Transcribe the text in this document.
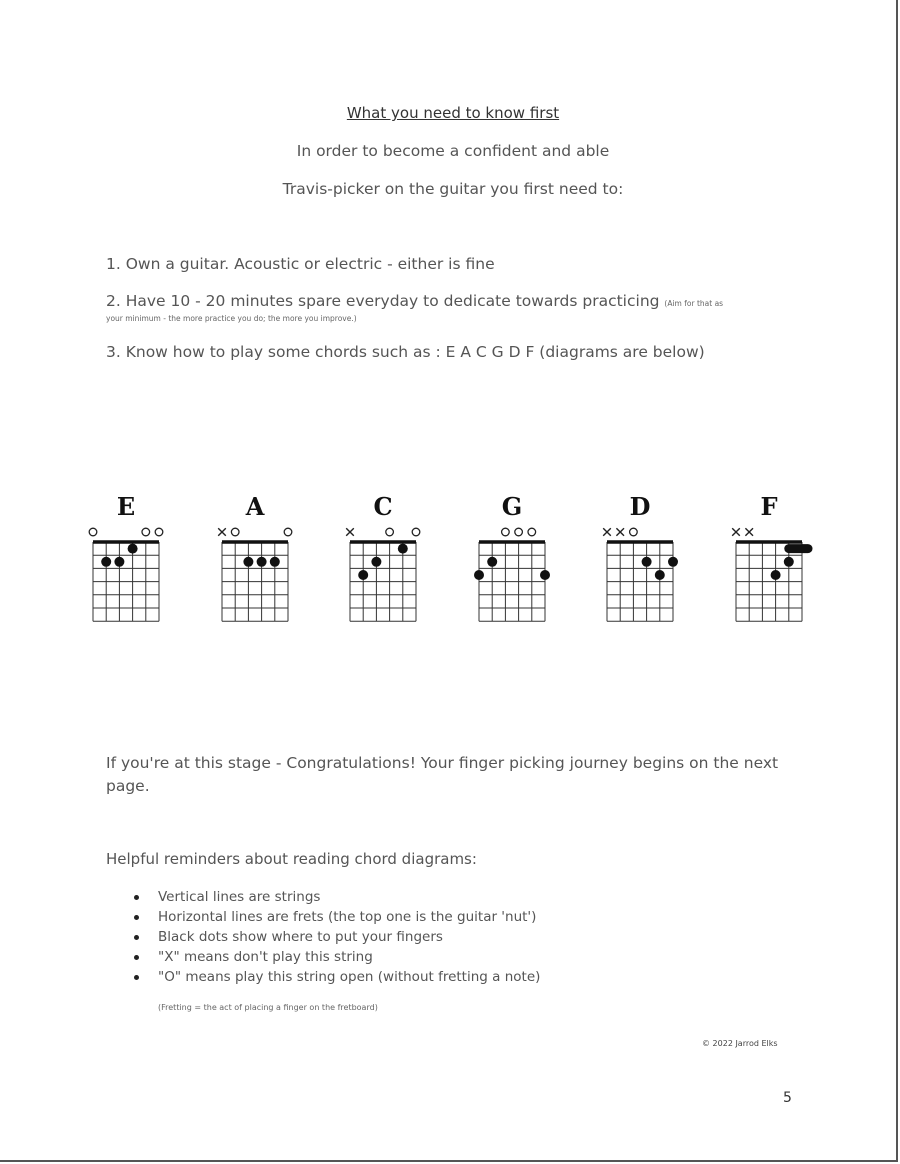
What you need to know first
In order to become a confident and able
Travis-picker on the guitar you first need to:
1. Own a guitar. Acoustic or electric - either is fine
2. Have 10 - 20 minutes spare everyday to dedicate towards practicing (Aim for that as
your minimum - the more practice you do; the more you improve.)
3. Know how to play some chords such as : E A C G D F (diagrams are below)
E	A	C	G	D	F
If you're at this stage - Congratulations! Your finger picking journey begins on the next page.
Helpful reminders about reading chord diagrams:
Vertical lines are strings
Horizontal lines are frets (the top one is the guitar 'nut')
Black dots show where to put your fingers
"X" means don't play this string
"O" means play this string open (without fretting a note)
(Fretting = the act of placing a finger on the fretboard)
© 2022 Jarrod Elks
5
